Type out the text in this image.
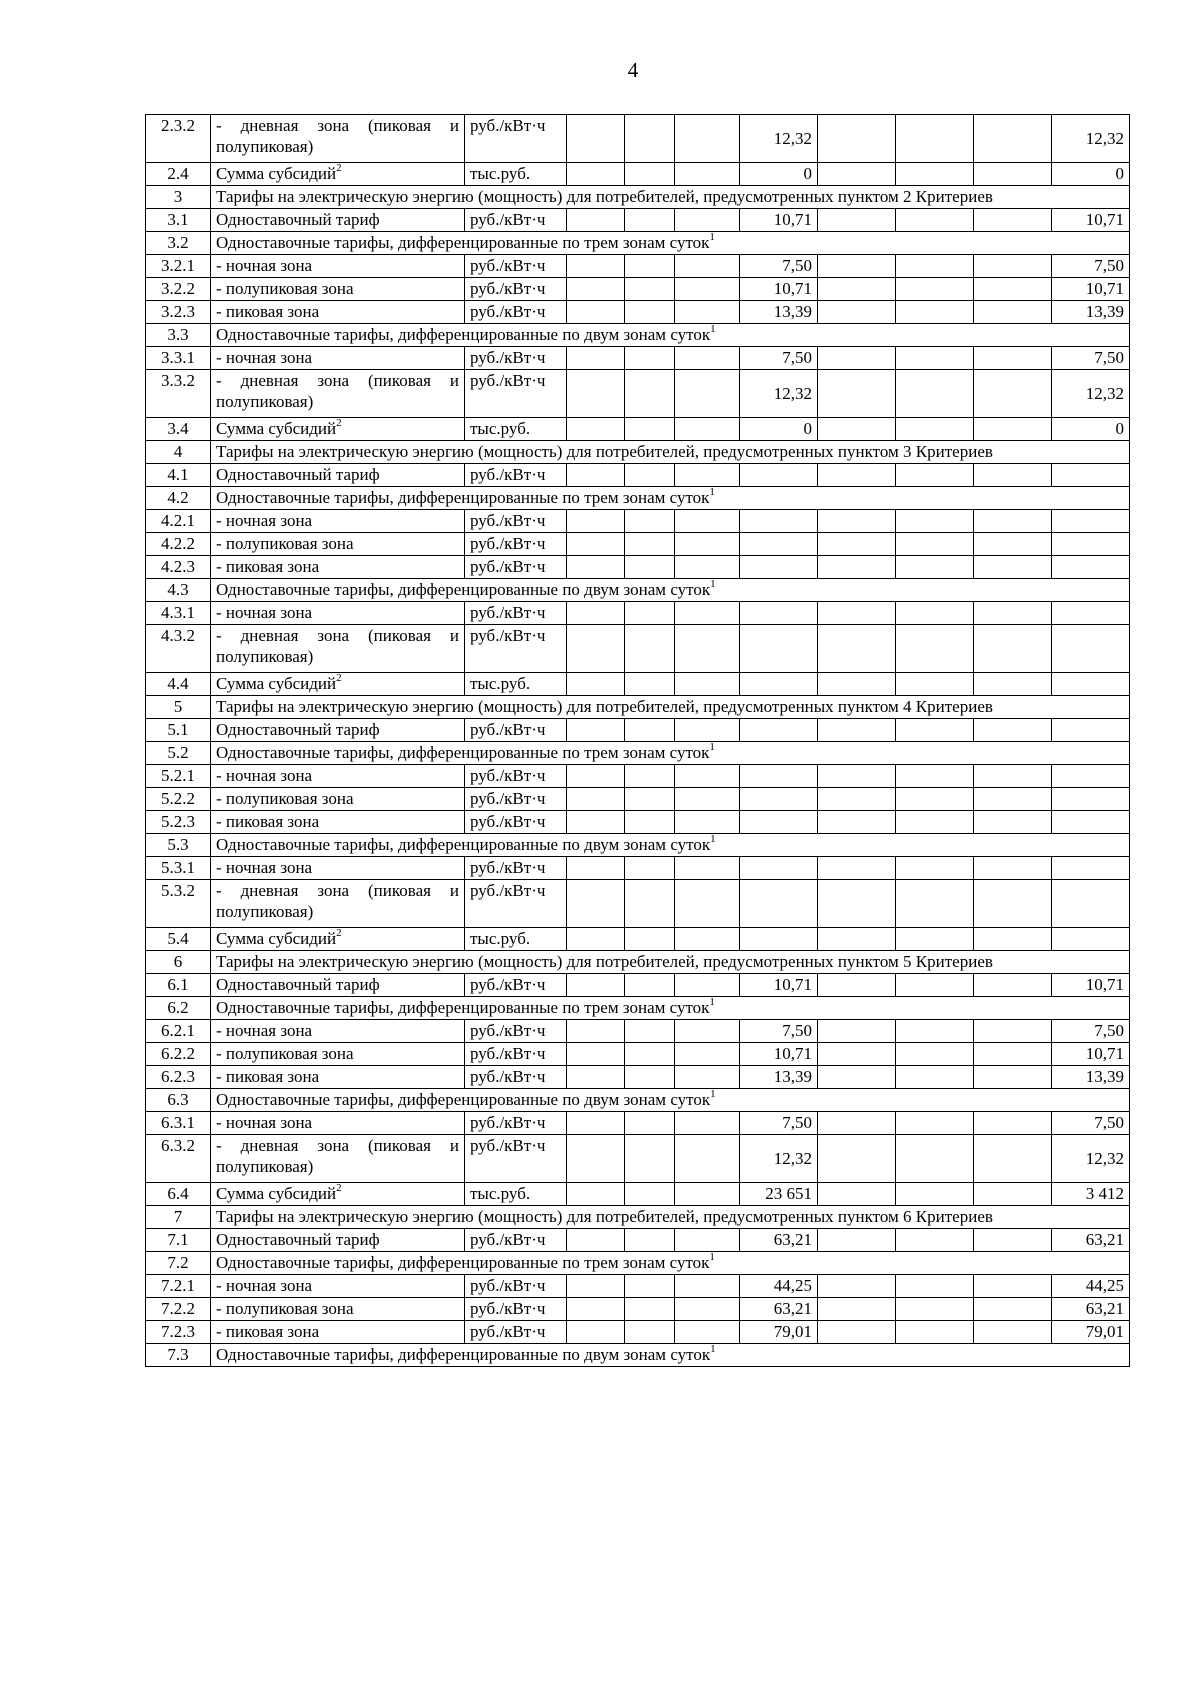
4
2.3.2	- дневная зона (пиковая и полупиковая)	руб./кВт·ч				12,32				12,32
2.4	Сумма субсидий$^2$	тыс.руб.				0				0
3	Тарифы на электрическую энергию (мощность) для потребителей, предусмотренных пунктом 2 Критериев									
3.1	Одноставочный тариф	руб./кВт·ч				10,71				10,71
3.2	Одноставочные тарифы, дифференцированные по трем зонам суток$^1$
3.2.1	- ночная зона	руб./кВт·ч				7,50				7,50
3.2.2	- полупиковая зона	руб./кВт·ч				10,71				10,71
3.2.3	- пиковая зона	руб./кВт·ч				13,39				13,39
3.3	Одноставочные тарифы, дифференцированные по двум зонам суток$^1$
3.3.1	- ночная зона	руб./кВт·ч				7,50				7,50
3.3.2	- дневная зона (пиковая и полупиковая)	руб./кВт·ч				12,32				12,32
3.4	Сумма субсидий$^2$	тыс.руб.				0				0
4	Тарифы на электрическую энергию (мощность) для потребителей, предусмотренных пунктом 3 Критериев									
4.1	Одноставочный тариф	руб./кВт·ч								
4.2	Одноставочные тарифы, дифференцированные по трем зонам суток$^1$
4.2.1	- ночная зона	руб./кВт·ч								
4.2.2	- полупиковая зона	руб./кВт·ч								
4.2.3	- пиковая зона	руб./кВт·ч								
4.3	Одноставочные тарифы, дифференцированные по двум зонам суток$^1$
4.3.1	- ночная зона	руб./кВт·ч								
4.3.2	- дневная зона (пиковая и полупиковая)	руб./кВт·ч								
4.4	Сумма субсидий$^2$	тыс.руб.								
5	Тарифы на электрическую энергию (мощность) для потребителей, предусмотренных пунктом 4 Критериев									
5.1	Одноставочный тариф	руб./кВт·ч								
5.2	Одноставочные тарифы, дифференцированные по трем зонам суток$^1$
5.2.1	- ночная зона	руб./кВт·ч								
5.2.2	- полупиковая зона	руб./кВт·ч								
5.2.3	- пиковая зона	руб./кВт·ч								
5.3	Одноставочные тарифы, дифференцированные по двум зонам суток$^1$
5.3.1	- ночная зона	руб./кВт·ч								
5.3.2	- дневная зона (пиковая и полупиковая)	руб./кВт·ч								
5.4	Сумма субсидий$^2$	тыс.руб.								
6	Тарифы на электрическую энергию (мощность) для потребителей, предусмотренных пунктом 5 Критериев									
6.1	Одноставочный тариф	руб./кВт·ч				10,71				10,71
6.2	Одноставочные тарифы, дифференцированные по трем зонам суток$^1$
6.2.1	- ночная зона	руб./кВт·ч				7,50				7,50
6.2.2	- полупиковая зона	руб./кВт·ч				10,71				10,71
6.2.3	- пиковая зона	руб./кВт·ч				13,39				13,39
6.3	Одноставочные тарифы, дифференцированные по двум зонам суток$^1$
6.3.1	- ночная зона	руб./кВт·ч				7,50				7,50
6.3.2	- дневная зона (пиковая и полупиковая)	руб./кВт·ч				12,32				12,32
6.4	Сумма субсидий$^2$	тыс.руб.				23 651				3 412
7	Тарифы на электрическую энергию (мощность) для потребителей, предусмотренных пунктом 6 Критериев									
7.1	Одноставочный тариф	руб./кВт·ч				63,21				63,21
7.2	Одноставочные тарифы, дифференцированные по трем зонам суток$^1$
7.2.1	- ночная зона	руб./кВт·ч				44,25				44,25
7.2.2	- полупиковая зона	руб./кВт·ч				63,21				63,21
7.2.3	- пиковая зона	руб./кВт·ч				79,01				79,01
7.3	Одноставочные тарифы, дифференцированные по двум зонам суток$^1$
